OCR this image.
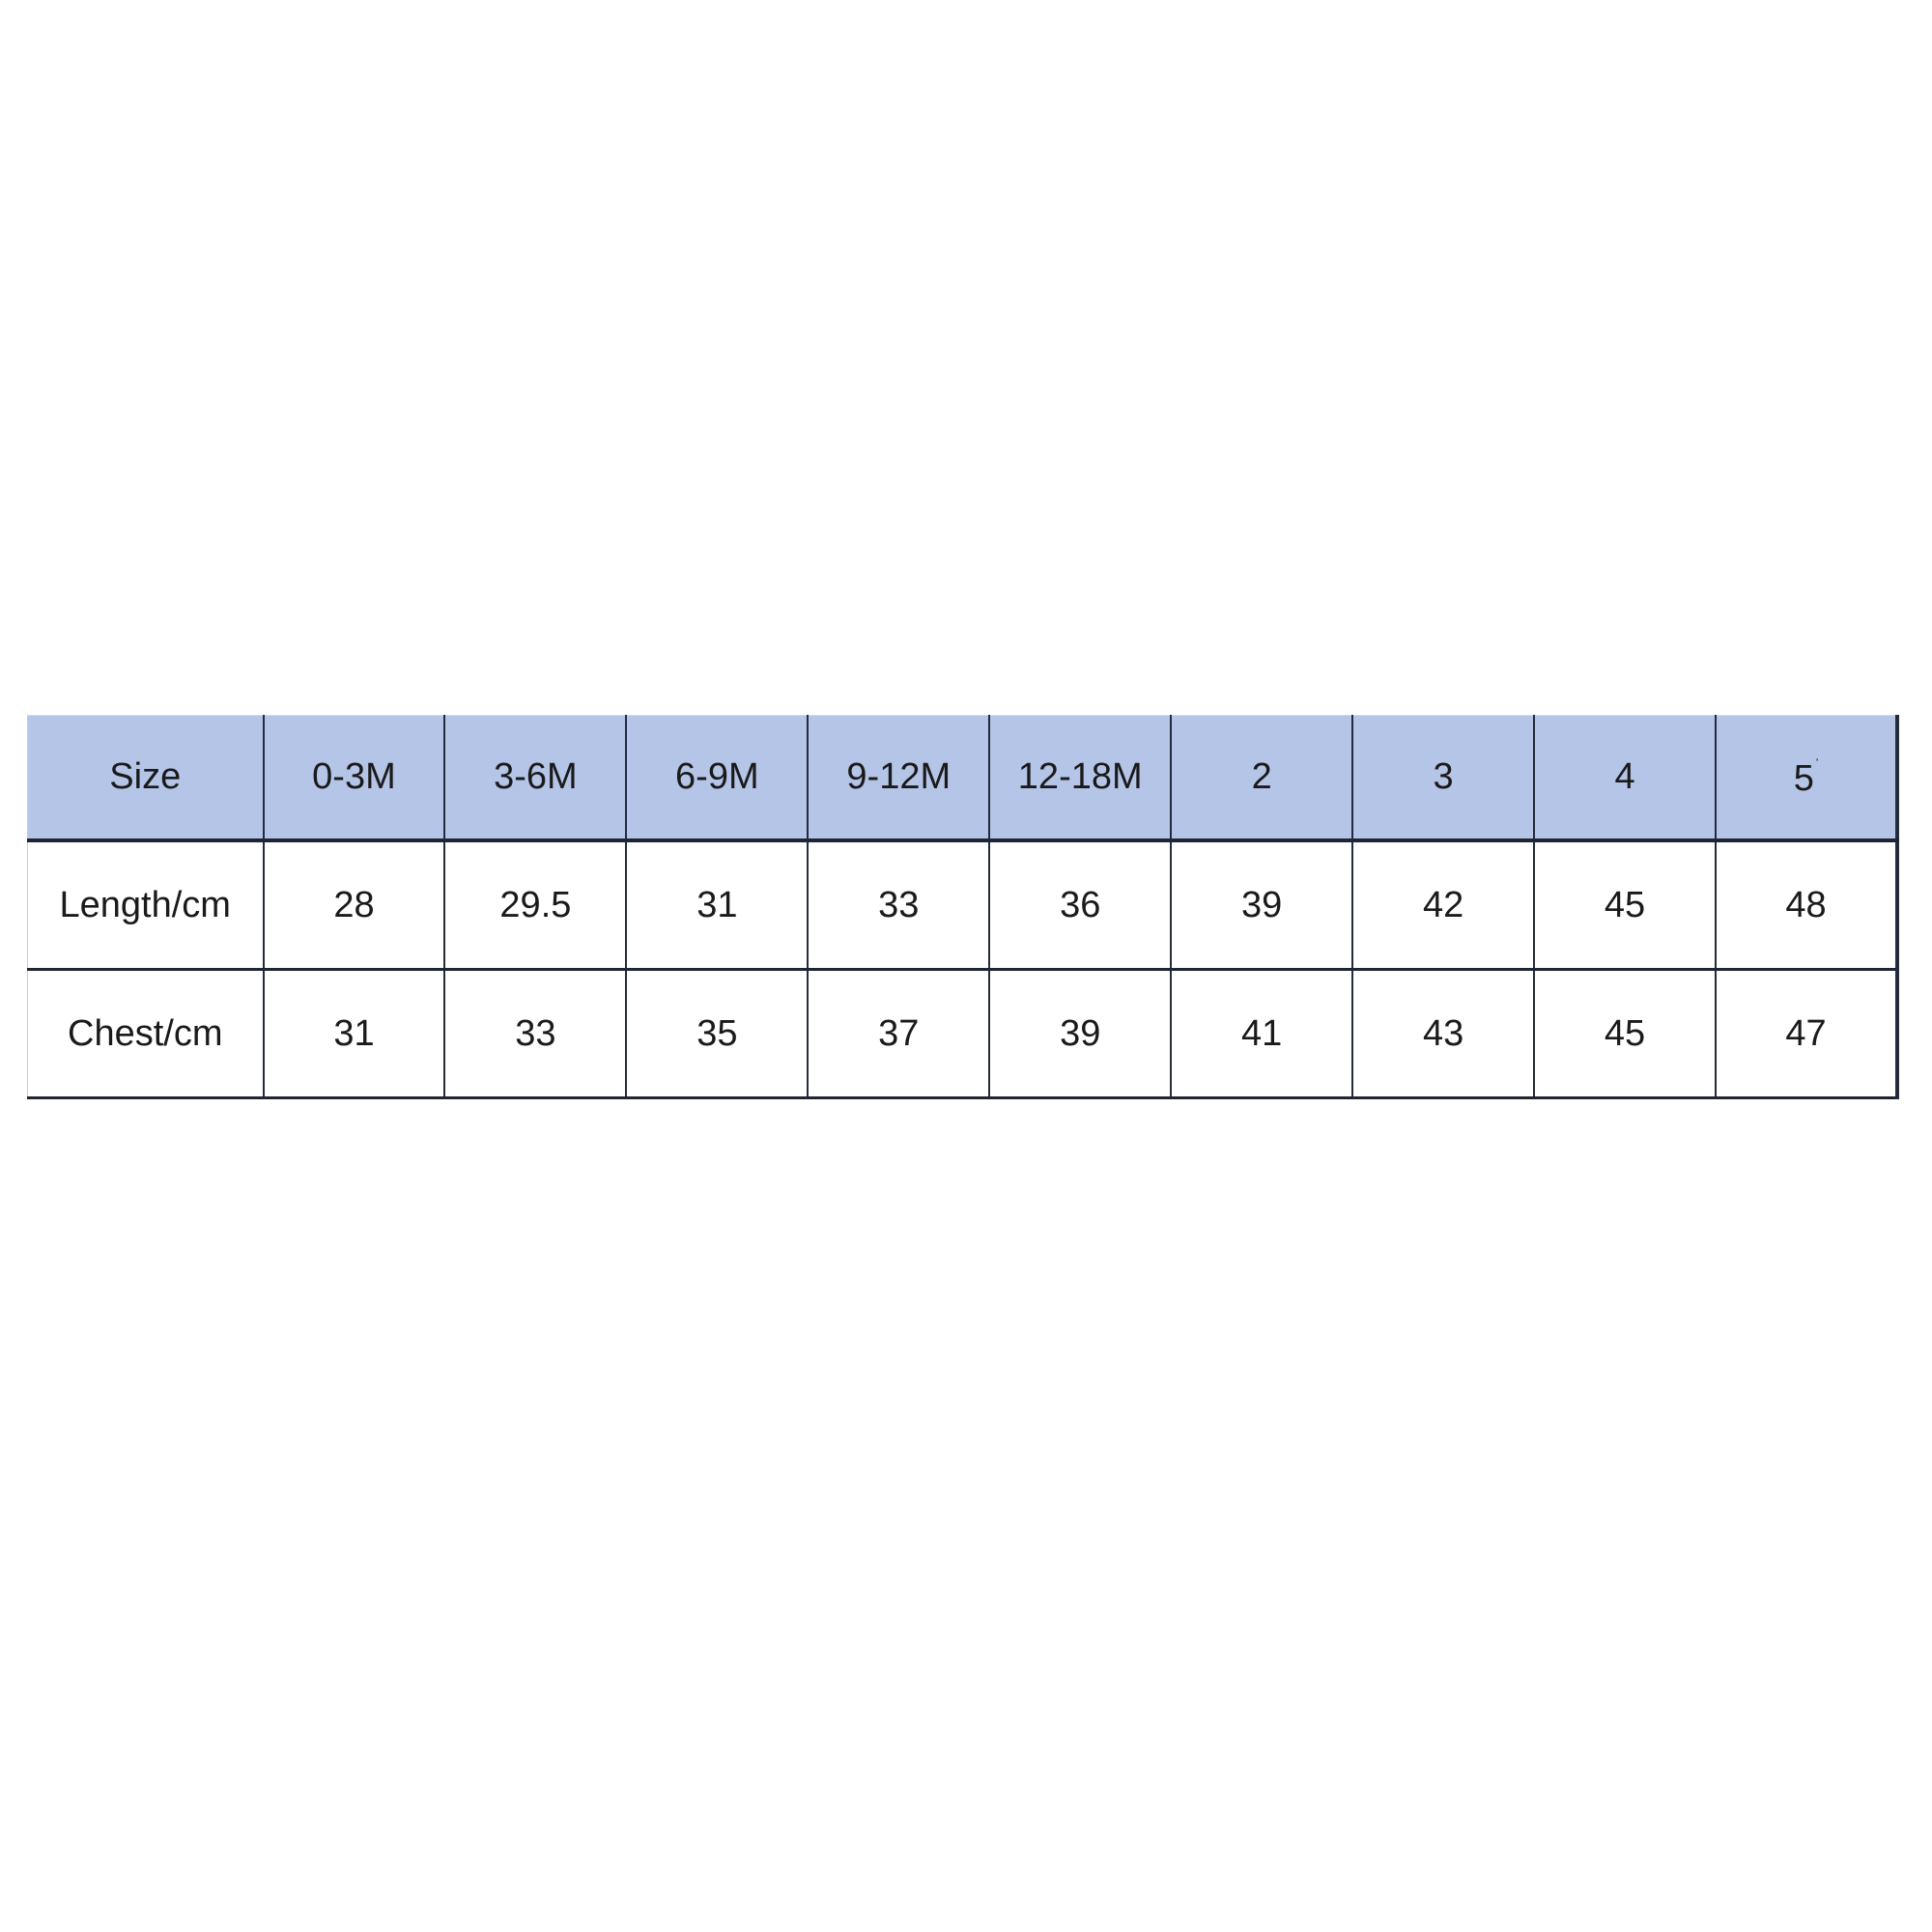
Size	0-3M	3-6M	6-9M	9-12M	12-18M	2	3	4	5 '
Length/cm	28	29.5	31	33	36	39	42	45	48
Chest/cm	31	33	35	37	39	41	43	45	47
